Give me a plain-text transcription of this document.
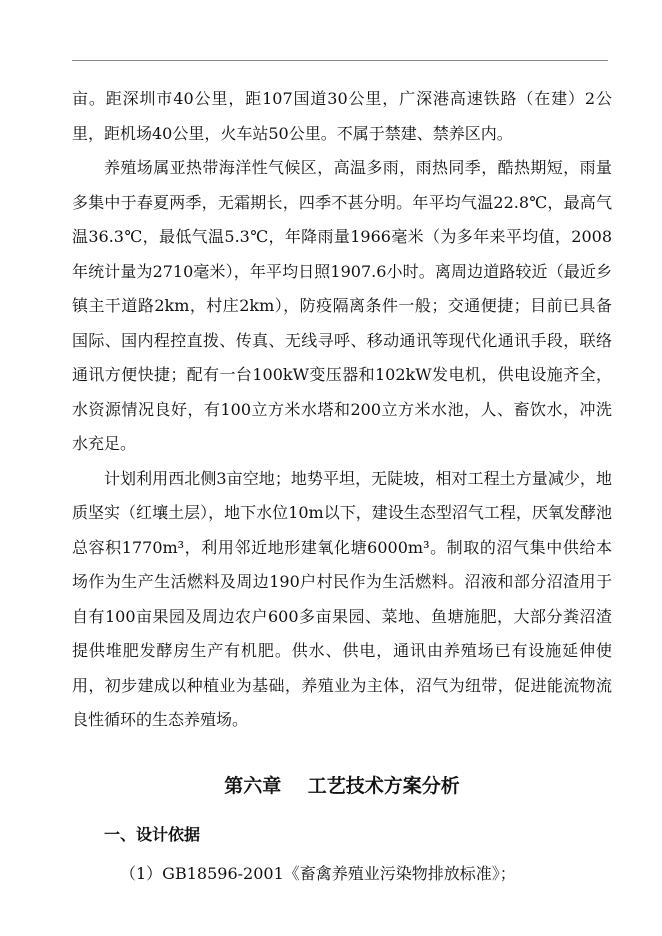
亩。距深圳市40公里，距107国道30公里，广深港高速铁路（在建）2公里，距机场40公里，火车站50公里。不属于禁建、禁养区内。

养殖场属亚热带海洋性气候区，高温多雨，雨热同季，酷热期短，雨量多集中于春夏两季，无霜期长，四季不甚分明。年平均气温22.8℃，最高气温36.3℃，最低气温5.3℃，年降雨量1966毫米（为多年来平均值，2008年统计量为2710毫米），年平均日照1907.6小时。离周边道路较近（最近乡镇主干道路2km，村庄2km），防疫隔离条件一般；交通便捷；目前已具备国际、国内程控直拨、传真、无线寻呼、移动通讯等现代化通讯手段，联络通讯方便快捷；配有一台100kW变压器和102kW发电机，供电设施齐全，水资源情况良好，有100立方米水塔和200立方米水池，人、畜饮水，冲洗水充足。

计划利用西北侧3亩空地；地势平坦，无陡坡，相对工程土方量减少，地质坚实（红壤土层），地下水位10m以下，建设生态型沼气工程，厌氧发酵池总容积1770m³，利用邻近地形建氧化塘6000m³。制取的沼气集中供给本场作为生产生活燃料及周边190户村民作为生活燃料。沼液和部分沼渣用于自有100亩果园及周边农户600多亩果园、菜地、鱼塘施肥，大部分粪沼渣提供堆肥发酵房生产有机肥。供水、供电，通讯由养殖场已有设施延伸使用，初步建成以种植业为基础，养殖业为主体，沼气为纽带，促进能流物流良性循环的生态养殖场。

第六章    工艺技术方案分析
一、设计依据

（1）GB18596-2001《畜禽养殖业污染物排放标准》；
